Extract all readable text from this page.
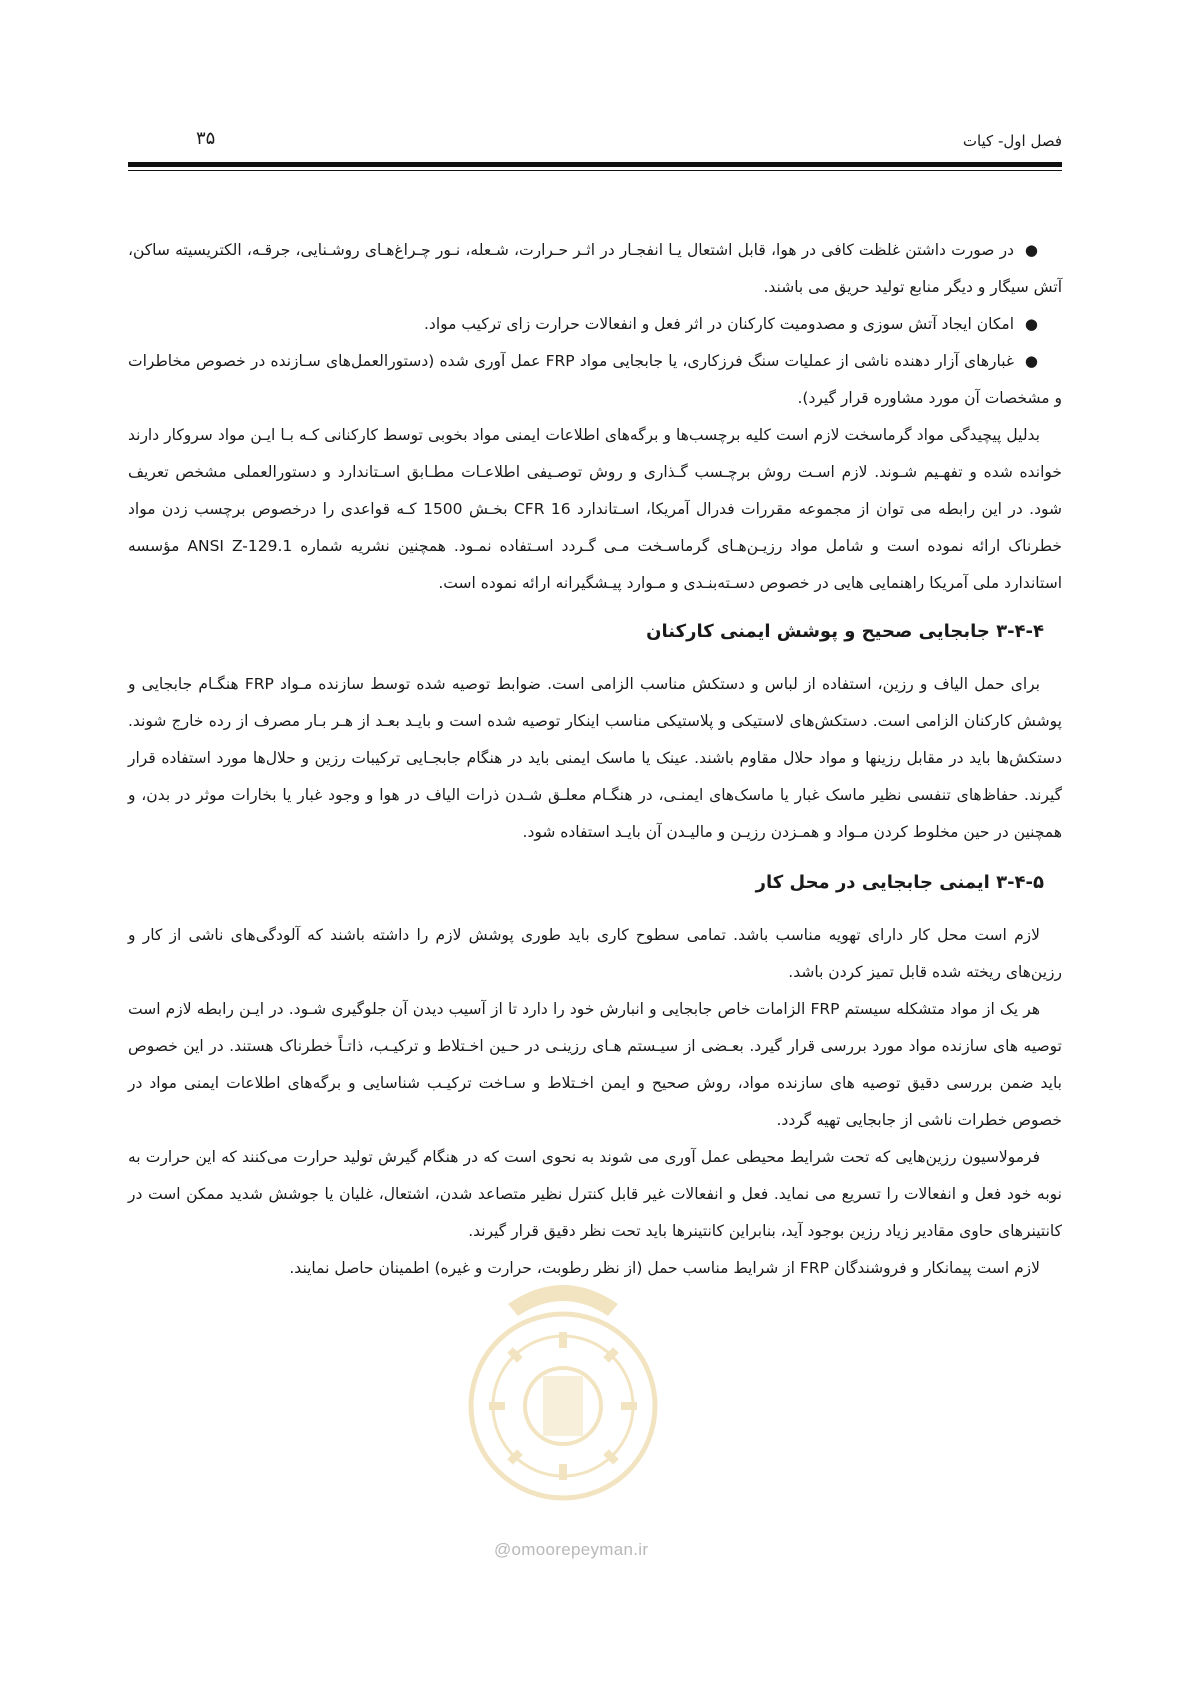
فصل اول- کیات
۳۵

●
در صورت داشتن غلظت کافی در هوا، قابل اشتعال یـا انفجـار در اثـر حـرارت، شـعله، نـور چـراغ‌هـای روشـنایی، جرقـه، الکتریسیته ساکن، آتش سیگار و دیگر منابع تولید حریق می باشند.

●
امکان ایجاد آتش سوزی و مصدومیت کارکنان در اثر فعل و انفعالات حرارت زای ترکیب مواد.

●
غبارهای آزار دهنده ناشی از عملیات سنگ فرزکاری، یا جابجایی مواد FRP عمل آوری شده (دستورالعمل‌های سـازنده در خصوص مخاطرات و مشخصات آن مورد مشاوره قرار گیرد).

بدلیل پیچیدگی مواد گرماسخت لازم است کلیه برچسب‌ها و برگه‌های اطلاعات ایمنی مواد بخوبی توسط کارکنانی کـه بـا ایـن مواد سروکار دارند خوانده شده و تفهـیم شـوند. لازم اسـت روش برچـسب گـذاری و روش توصـیفی اطلاعـات مطـابق اسـتاندارد و دستورالعملی مشخص تعریف شود. در این رابطه می توان از مجموعه مقررات فدرال آمریکا، اسـتاندارد CFR 16 بخـش 1500 کـه قواعدی را درخصوص برچسب زدن مواد خطرناک ارائه نموده است و شامل مواد رزیـن‌هـای گرماسـخت مـی گـردد اسـتفاده نمـود. همچنین نشریه شماره ANSI Z-129.1 مؤسسه استاندارد ملی آمریکا راهنمایی هایی در خصوص دسـته‌بنـدی و مـوارد پیـشگیرانه ارائه نموده است.

۳-۴-۴ جابجایی صحیح و پوشش ایمنی کارکنان

برای حمل الیاف و رزین، استفاده از لباس و دستکش مناسب الزامی است. ضوابط توصیه شده توسط سازنده مـواد FRP هنگـام جابجایی و پوشش کارکنان الزامی است. دستکش‌های لاستیکی و پلاستیکی مناسب اینکار توصیه شده است و بایـد بعـد از هـر بـار مصرف از رده خارج شوند. دستکش‌ها باید در مقابل رزینها و مواد حلال مقاوم باشند. عینک یا ماسک ایمنی باید در هنگام جابجـایی ترکیبات رزین و حلال‌ها مورد استفاده قرار گیرند. حفاظ‌های تنفسی نظیر ماسک غبار یا ماسک‌های ایمنـی، در هنگـام معلـق شـدن ذرات الیاف در هوا و وجود غبار یا بخارات موثر در بدن، و همچنین در حین مخلوط کردن مـواد و همـزدن رزیـن و مالیـدن آن بایـد استفاده شود.

۳-۴-۵ ایمنی جابجایی در محل کار

لازم است محل کار دارای تهویه مناسب باشد. تمامی سطوح کاری باید طوری پوشش لازم را داشته باشند که آلودگی‌های ناشی از کار و رزین‌های ریخته شده قابل تمیز کردن باشد.

هر یک از مواد متشکله سیستم FRP الزامات خاص جابجایی و انبارش خود را دارد تا از آسیب دیدن آن جلوگیری شـود. در ایـن رابطه لازم است توصیه های سازنده مواد مورد بررسی قرار گیرد. بعـضی از سیـستم هـای رزینـی در حـین اخـتلاط و ترکیـب، ذاتـاً خطرناک هستند. در این خصوص باید ضمن بررسی دقیق توصیه های سازنده مواد، روش صحیح و ایمن اخـتلاط و سـاخت ترکیـب شناسایی و برگه‌های اطلاعات ایمنی مواد در خصوص خطرات ناشی از جابجایی تهیه گردد.

فرمولاسیون رزین‌هایی که تحت شرایط محیطی عمل آوری می شوند به نحوی است که در هنگام گیرش تولید حرارت می‌کنند که این حرارت به نوبه خود فعل و انفعالات را تسریع می نماید. فعل و انفعالات غیر قابل کنترل نظیر متصاعد شدن، اشتعال، غلیان یا جوشش شدید ممکن است در کانتینرهای حاوی مقادیر زیاد رزین بوجود آید، بنابراین کانتینرها باید تحت نظر دقیق قرار گیرند.

لازم است پیمانکار و فروشندگان FRP از شرایط مناسب حمل (از نظر رطوبت، حرارت و غیره) اطمینان حاصل نمایند.

@omoorepeyman.ir
